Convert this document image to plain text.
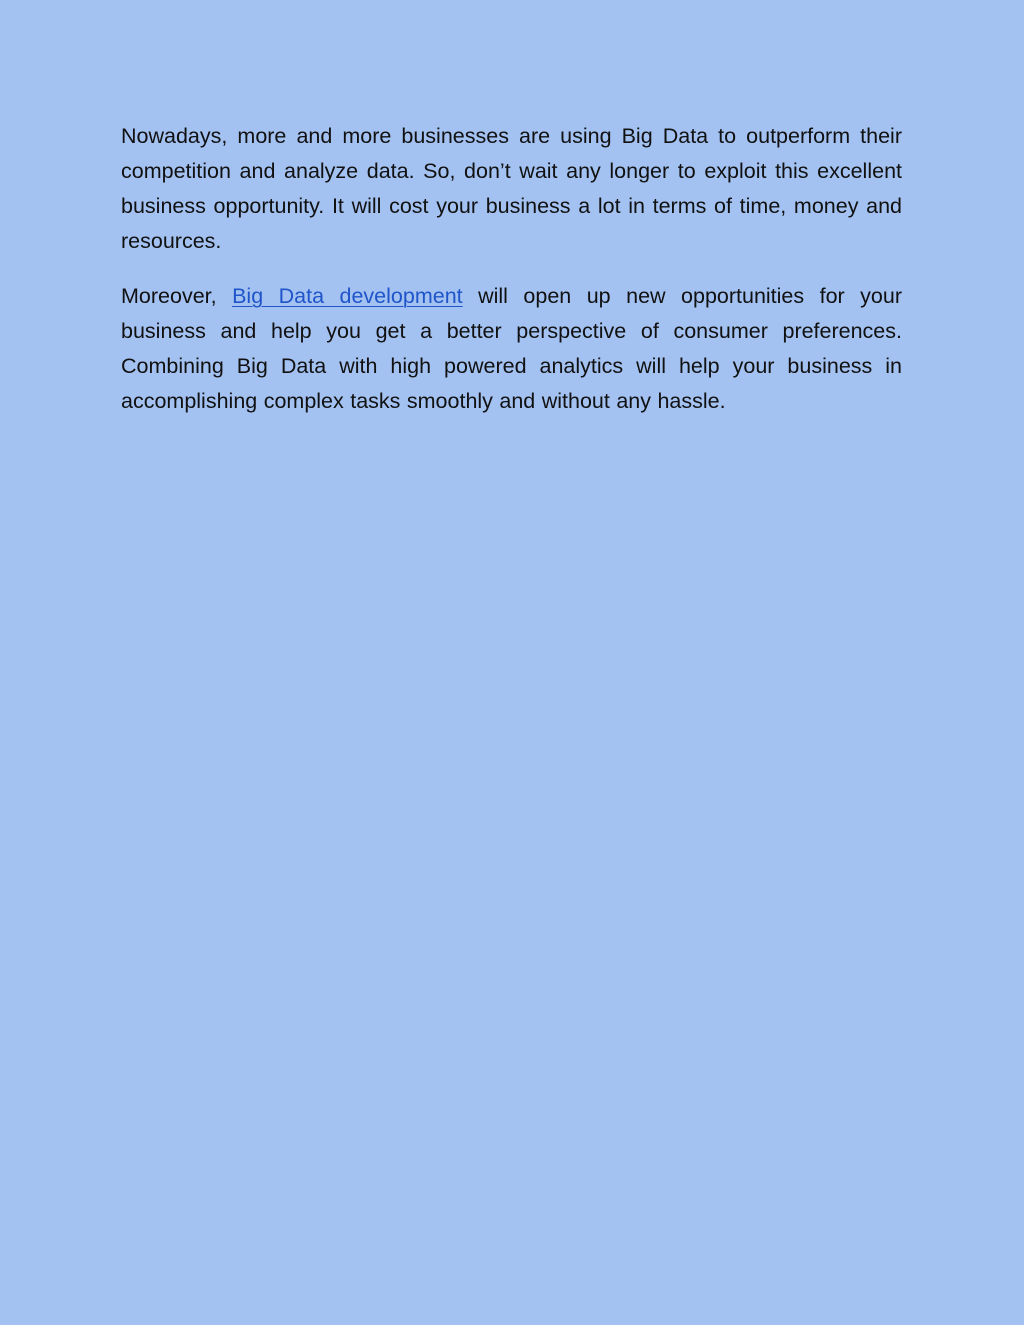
Nowadays, more and more businesses are using Big Data to outperform their competition and analyze data. So, don’t wait any longer to exploit this excellent business opportunity. It will cost your business a lot in terms of time, money and resources.

Moreover, Big Data development will open up new opportunities for your business and help you get a better perspective of consumer preferences. Combining Big Data with high powered analytics will help your business in accomplishing complex tasks smoothly and without any hassle.
